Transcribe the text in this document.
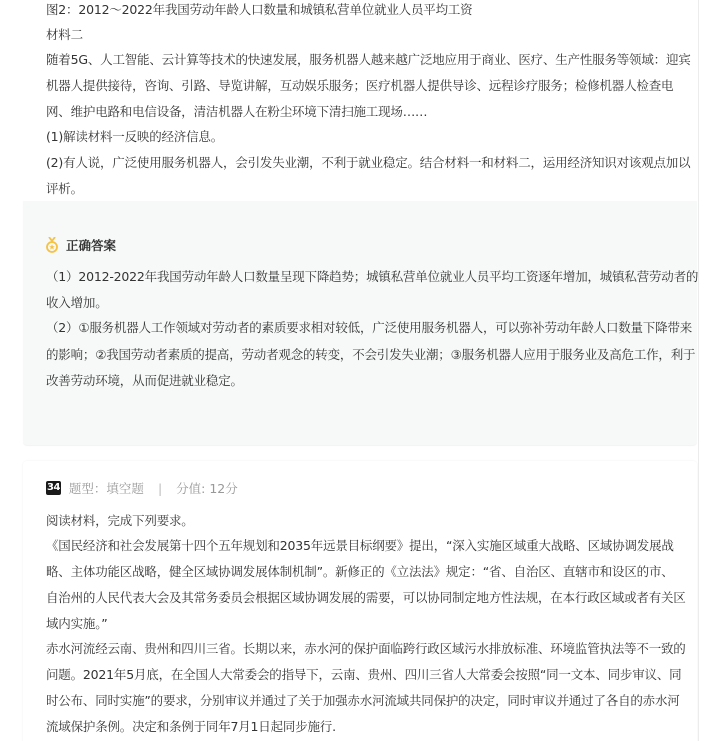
图2：2012～2022年我国劳动年龄人口数量和城镇私营单位就业人员平均工资
材料二
随着5G、人工智能、云计算等技术的快速发展，服务机器人越来越广泛地应用于商业、医疗、生产性服务等领域：迎宾
机器人提供接待，咨询、引路、导览讲解，互动娱乐服务；医疗机器人提供导诊、远程诊疗服务；检修机器人检查电
网、维护电路和电信设备，清洁机器人在粉尘环境下清扫施工现场……
(1)解读材料一反映的经济信息。
(2)有人说，广泛使用服务机器人，会引发失业潮，不利于就业稳定。结合材料一和材料二，运用经济知识对该观点加以
评析。
正确答案
（1）2012-2022年我国劳动年龄人口数量呈现下降趋势；城镇私营单位就业人员平均工资逐年增加，城镇私营劳动者的
收入增加。
（2）①服务机器人工作领域对劳动者的素质要求相对较低，广泛使用服务机器人，可以弥补劳动年龄人口数量下降带来
的影响；②我国劳动者素质的提高，劳动者观念的转变，不会引发失业潮；③服务机器人应用于服务业及高危工作，利于
改善劳动环境，从而促进就业稳定。
34 题型：填空题 | 分值: 12分
阅读材料，完成下列要求。
《国民经济和社会发展第十四个五年规划和2035年远景目标纲要》提出，“深入实施区域重大战略、区域协调发展战
略、主体功能区战略，健全区域协调发展体制机制”。新修正的《立法法》规定：“省、自治区、直辖市和设区的市、
自治州的人民代表大会及其常务委员会根据区域协调发展的需要，可以协同制定地方性法规，在本行政区域或者有关区
域内实施。”
赤水河流经云南、贵州和四川三省。长期以来，赤水河的保护面临跨行政区域污水排放标准、环境监管执法等不一致的
问题。2021年5月底，在全国人大常委会的指导下，云南、贵州、四川三省人大常委会按照“同一文本、同步审议、同
时公布、同时实施”的要求，分别审议并通过了关于加强赤水河流域共同保护的决定，同时审议并通过了各自的赤水河
流域保护条例。决定和条例于同年7月1日起同步施行.
